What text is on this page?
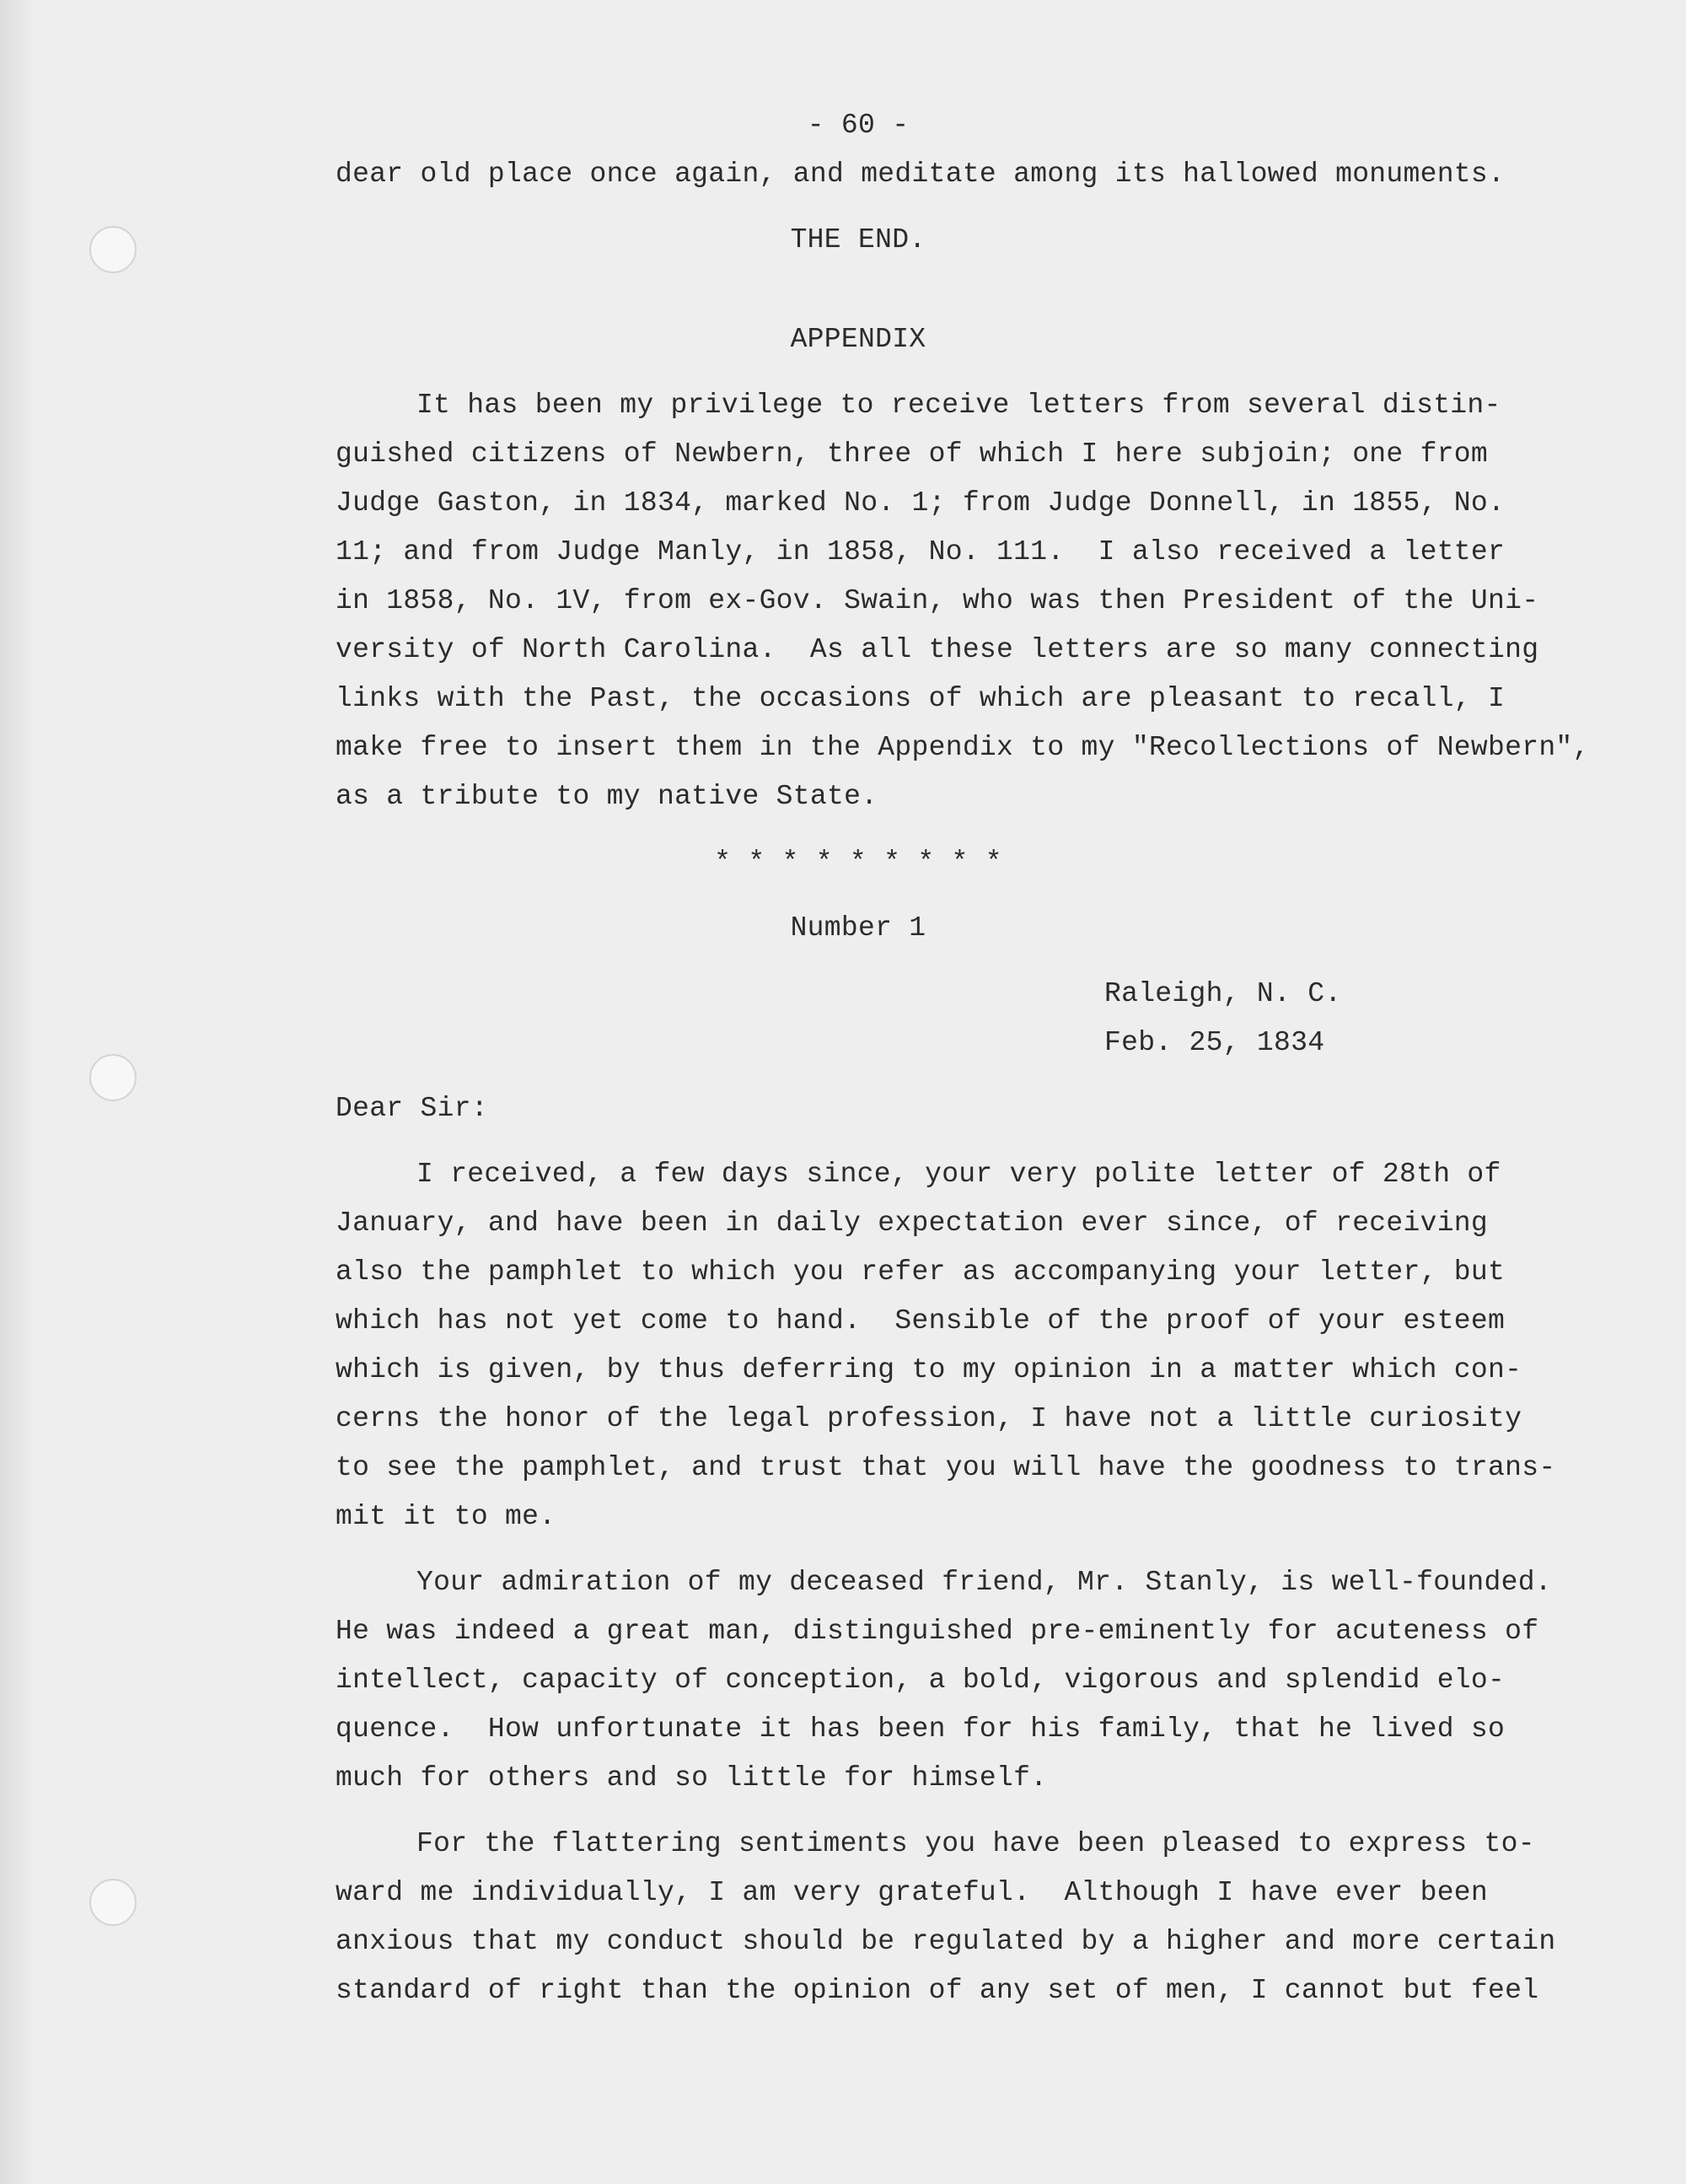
- 60 -
dear old place once again, and meditate among its hallowed monuments.
THE END.
APPENDIX
It has been my privilege to receive letters from several distin-
guished citizens of Newbern, three of which I here subjoin; one from
Judge Gaston, in 1834, marked No. 1; from Judge Donnell, in 1855, No.
11; and from Judge Manly, in 1858, No. 111.  I also received a letter
in 1858, No. 1V, from ex-Gov. Swain, who was then President of the Uni-
versity of North Carolina.  As all these letters are so many connecting
links with the Past, the occasions of which are pleasant to recall, I
make free to insert them in the Appendix to my "Recollections of Newbern",
as a tribute to my native State.
* * * * * * * * *
Number 1
Raleigh, N. C.
Feb. 25, 1834
Dear Sir:
I received, a few days since, your very polite letter of 28th of
January, and have been in daily expectation ever since, of receiving
also the pamphlet to which you refer as accompanying your letter, but
which has not yet come to hand.  Sensible of the proof of your esteem
which is given, by thus deferring to my opinion in a matter which con-
cerns the honor of the legal profession, I have not a little curiosity
to see the pamphlet, and trust that you will have the goodness to trans-
mit it to me.
Your admiration of my deceased friend, Mr. Stanly, is well-founded.
He was indeed a great man, distinguished pre-eminently for acuteness of
intellect, capacity of conception, a bold, vigorous and splendid elo-
quence.  How unfortunate it has been for his family, that he lived so
much for others and so little for himself.
For the flattering sentiments you have been pleased to express to-
ward me individually, I am very grateful.  Although I have ever been
anxious that my conduct should be regulated by a higher and more certain
standard of right than the opinion of any set of men, I cannot but feel
